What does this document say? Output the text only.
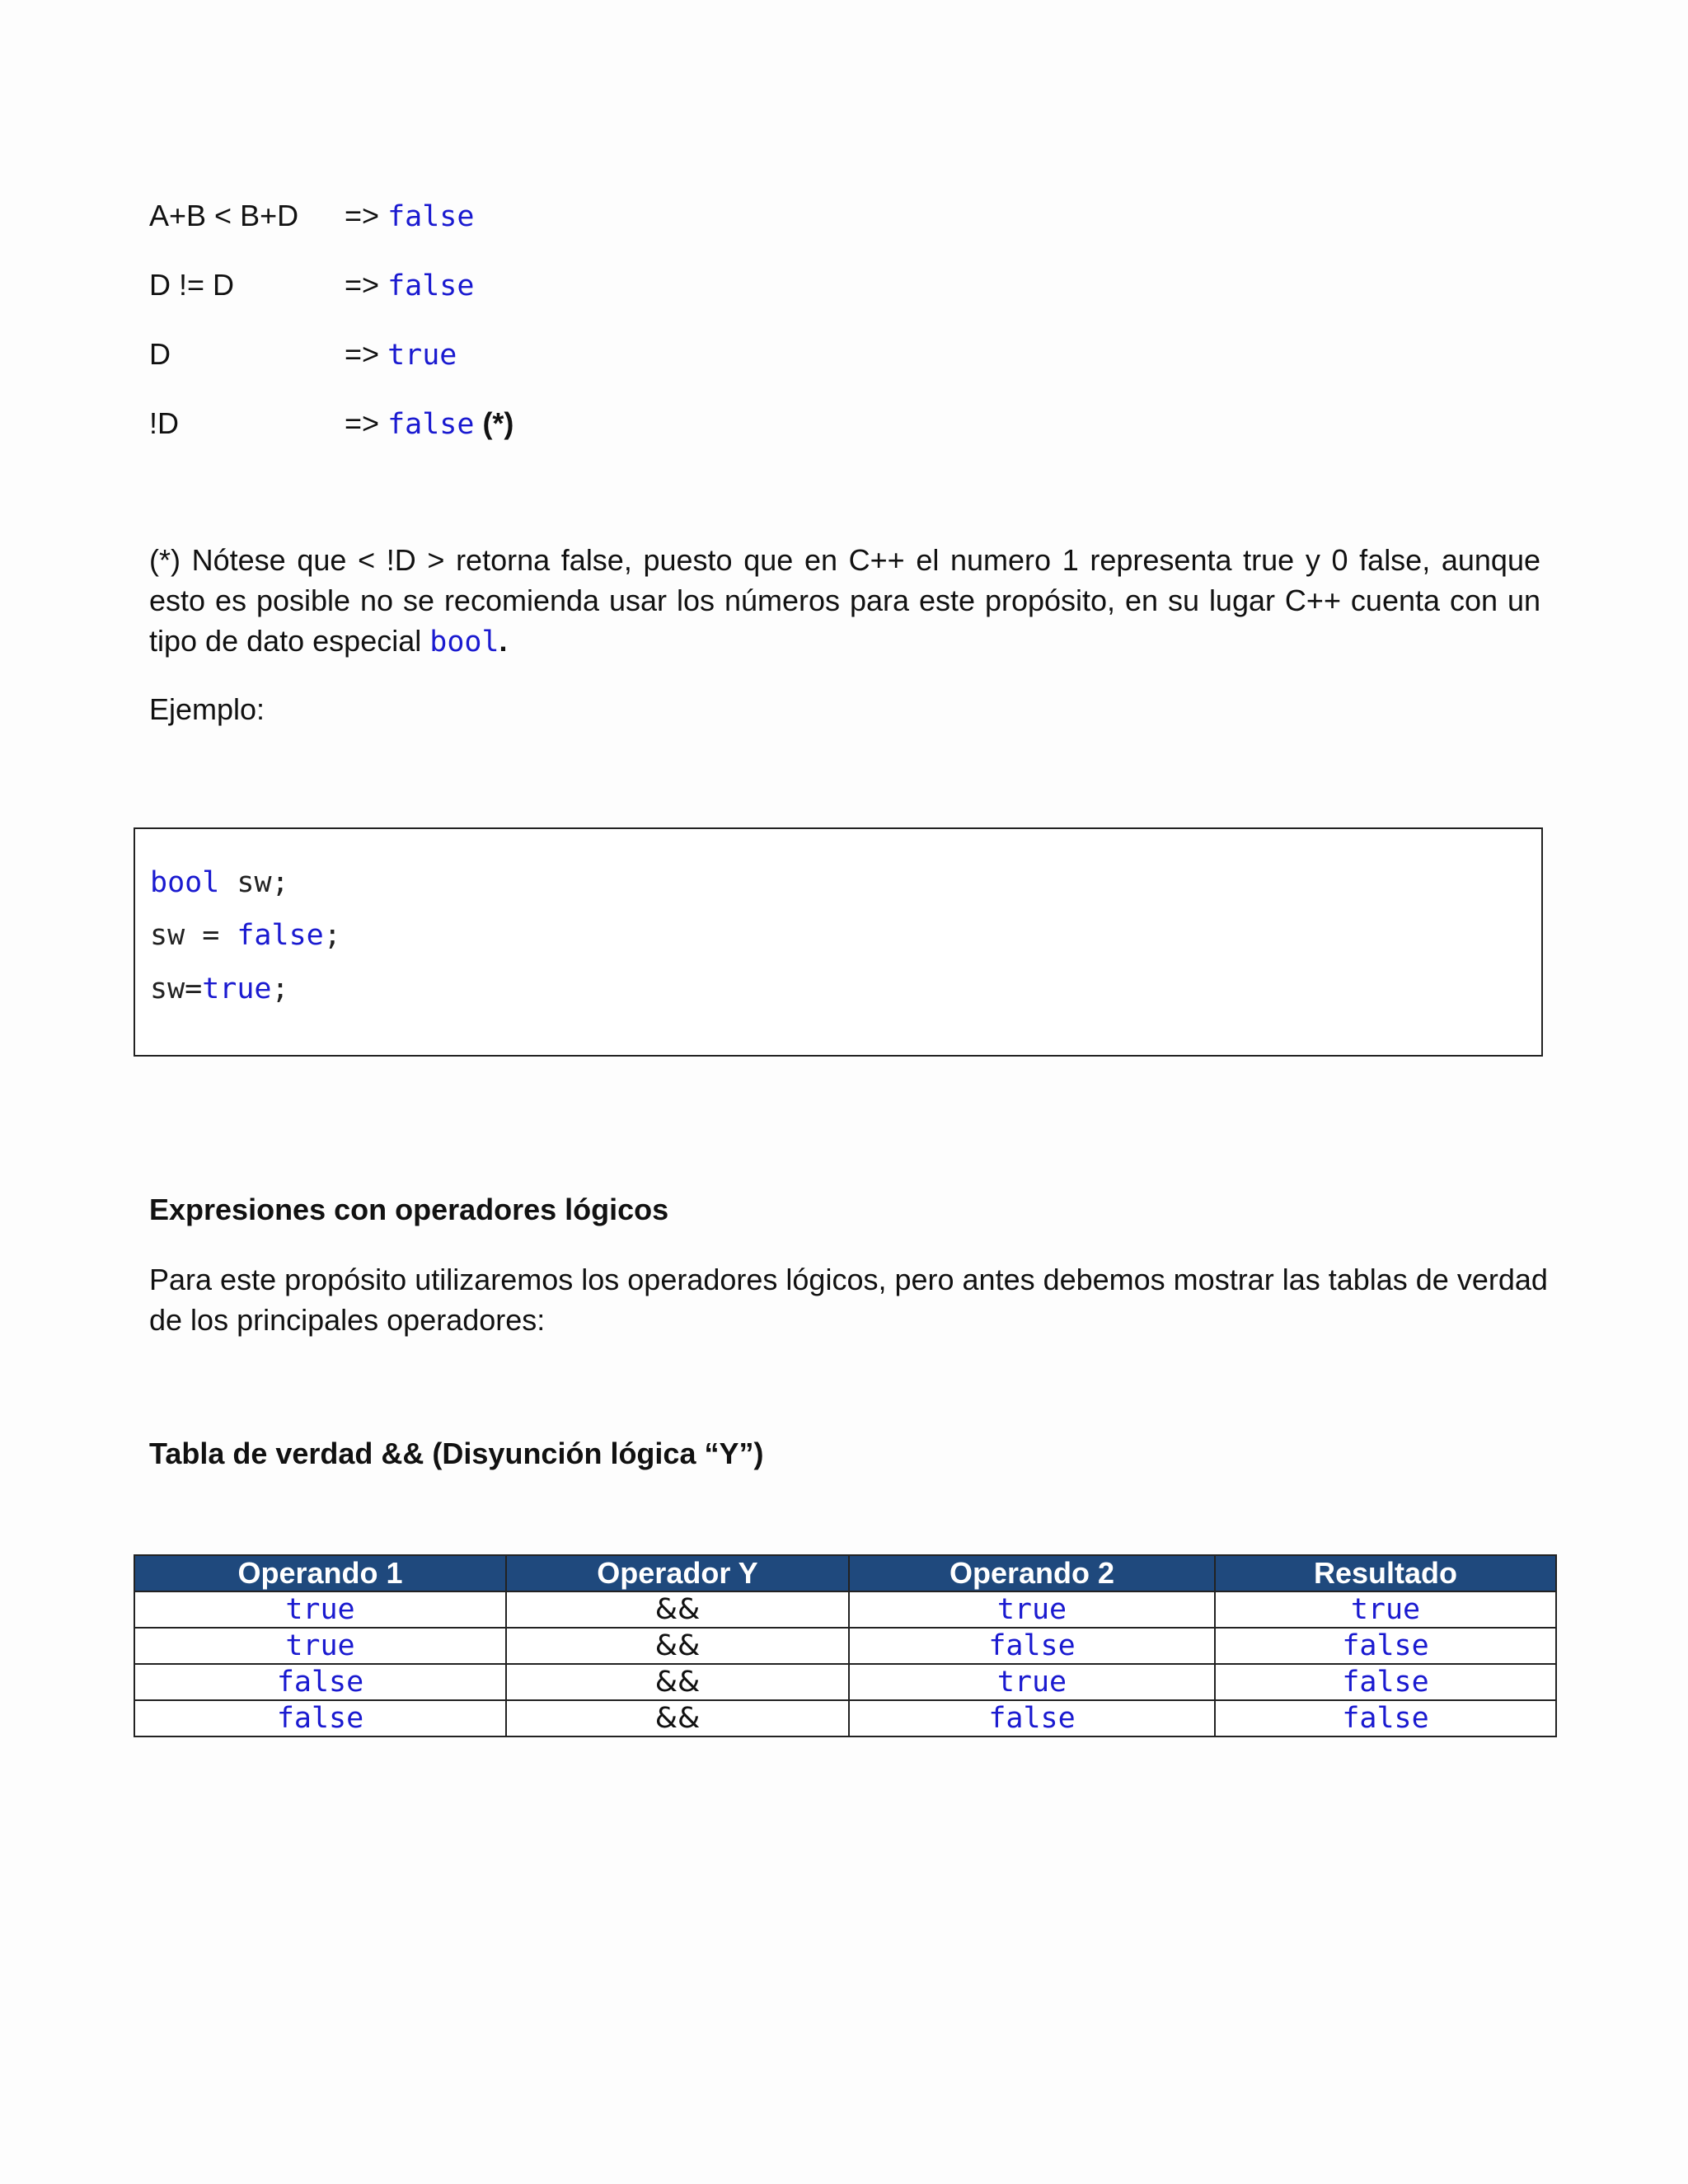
A+B < B+D => false
D != D	=> false
D	=> true
!D	=> false (*)

(*) Nótese que < !D > retorna false, puesto que en C++ el numero 1 representa true y 0 false, aunque esto es posible no se recomienda usar los números para este propósito, en su lugar C++ cuenta con un tipo de dato especial bool.

Ejemplo:
bool sw;
sw = false;
sw=true;
Expresiones con operadores lógicos

Para este propósito utilizaremos los operadores lógicos, pero antes debemos mostrar las tablas de verdad de los principales operadores:

Tabla de verdad && (Disyunción lógica “Y”)
Operando 1	Operador Y	Operando 2	Resultado
true	&&	true	true
true	&&	false	false
false	&&	true	false
false	&&	false	false
